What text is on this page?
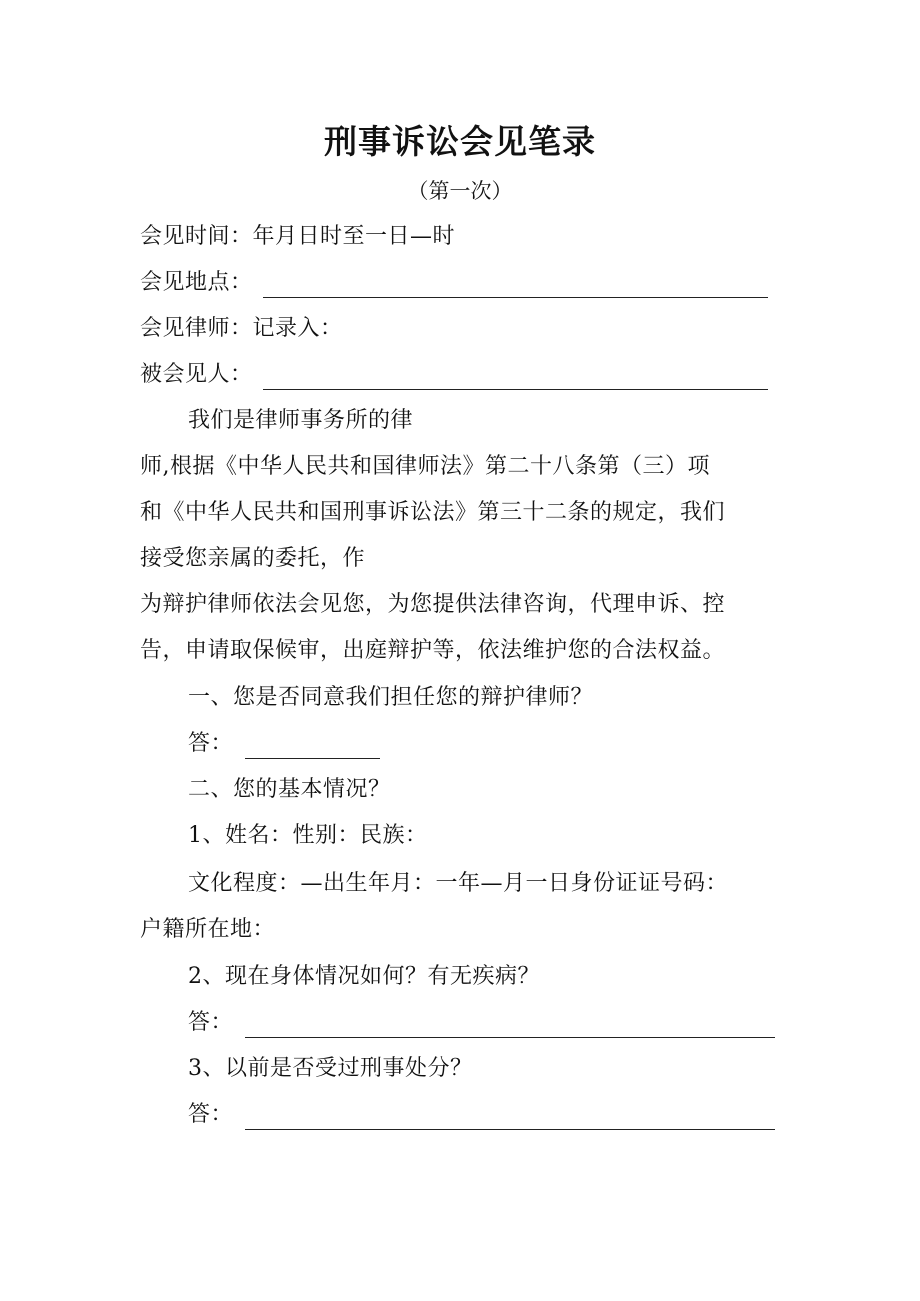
刑事诉讼会见笔录
（第一次）
会见时间：年月日时至一日—时
会见地点：
会见律师：记录入：
被会见人：
我们是律师事务所的律
师,根据《中华人民共和国律师法》第二十八条第（三）项
和《中华人民共和国刑事诉讼法》第三十二条的规定，我们
接受您亲属的委托，作
为辩护律师依法会见您，为您提供法律咨询，代理申诉、控
告，申请取保候审，出庭辩护等，依法维护您的合法权益。
一、您是否同意我们担任您的辩护律师？
答：
二、您的基本情况？
1、姓名：性别：民族：
文化程度：—出生年月：一年—月一日身份证证号码：
户籍所在地：
2、现在身体情况如何？有无疾病？
答：
3、以前是否受过刑事处分？
答：
